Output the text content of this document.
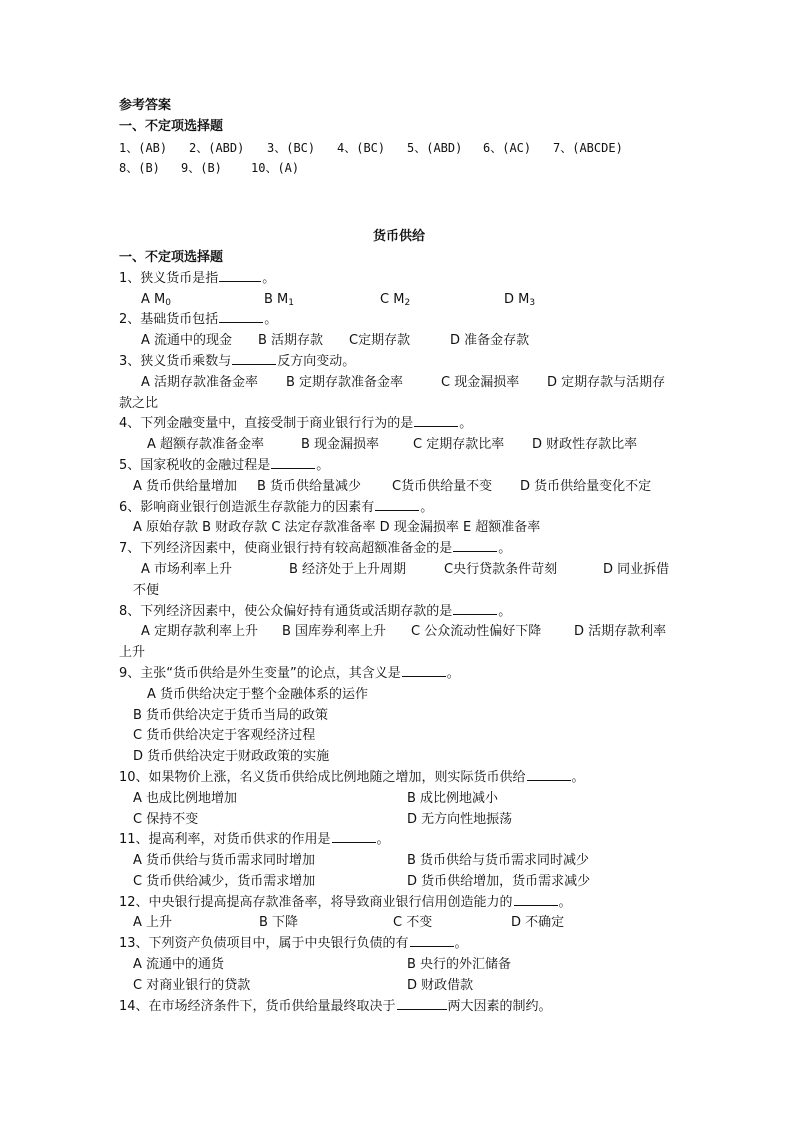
参考答案
一、不定项选择题
1、(AB) 2、(ABD) 3、(BC) 4、(BC) 5、(ABD) 6、(AC) 7、(ABCDE)
8、(B) 9、(B) 10、(A)
货币供给
一、不定项选择题
1、狭义货币是指	。
A $M_0$	B $M_1$	C $M_2$	D $M_3$
2、基础货币包括	。
A 流通中的现金 B 活期存款 C定期存款	D 准备金存款
3、狭义货币乘数与	反方向变动。
A 活期存款准备金率 B 定期存款准备金率	C 现金漏损率 D 定期存款与活期存
款之比
4、下列金融变量中，直接受制于商业银行行为的是	。
A 超额存款准备金率	B 现金漏损率	C 定期存款比率 D 财政性存款比率
5、国家税收的金融过程是	。
A 货币供给量增加 B 货币供给量减少 C货币供给量不变 D 货币供给量变化不定
6、影响商业银行创造派生存款能力的因素有	。
A 原始存款 B 财政存款 C 法定存款准备率 D 现金漏损率 E 超额准备率
7、下列经济因素中，使商业银行持有较高超额准备金的是	。
A 市场利率上升	B 经济处于上升周期	C央行贷款条件苛刻	D 同业拆借
不便
8、下列经济因素中，使公众偏好持有通货或活期存款的是	。
A 定期存款利率上升 B 国库券利率上升 C 公众流动性偏好下降	D 活期存款利率
上升
9、主张“货币供给是外生变量”的论点，其含义是	。
A 货币供给决定于整个金融体系的运作
B 货币供给决定于货币当局的政策
C 货币供给决定于客观经济过程
D 货币供给决定于财政政策的实施
10、如果物价上涨，名义货币供给成比例地随之增加，则实际货币供给	。
A 也成比例地增加	B 成比例地减小
C 保持不变	D 无方向性地振荡
11、提高利率，对货币供求的作用是	。
A 货币供给与货币需求同时增加	B 货币供给与货币需求同时减少
C 货币供给减少，货币需求增加	D 货币供给增加，货币需求减少
12、中央银行提高提高存款准备率，将导致商业银行信用创造能力的	。
A 上升	B 下降	C 不变	D 不确定
13、下列资产负债项目中，属于中央银行负债的有	。
A 流通中的通货	B 央行的外汇储备
C 对商业银行的贷款	D 财政借款
14、在市场经济条件下，货币供给量最终取决于	两大因素的制约。
